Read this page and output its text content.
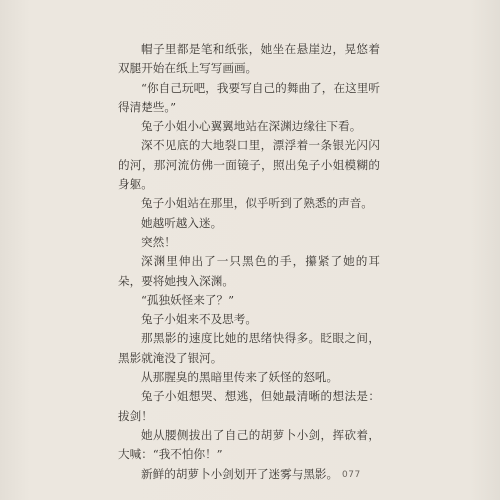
帽子里都是笔和纸张，她坐在悬崖边，晃悠着双腿开始在纸上写写画画。

“你自己玩吧，我要写自己的舞曲了，在这里听得清楚些。”

兔子小姐小心翼翼地站在深渊边缘往下看。

深不见底的大地裂口里，漂浮着一条银光闪闪的河，那河流仿佛一面镜子，照出兔子小姐模糊的身躯。

兔子小姐站在那里，似乎听到了熟悉的声音。

她越听越入迷。

突然！

深渊里伸出了一只黑色的手，攥紧了她的耳朵，要将她拽入深渊。

“孤独妖怪来了？”

兔子小姐来不及思考。

那黑影的速度比她的思绪快得多。眨眼之间，黑影就淹没了银河。

从那腥臭的黑暗里传来了妖怪的怒吼。

兔子小姐想哭、想逃，但她最清晰的想法是：拔剑！

她从腰侧拔出了自己的胡萝卜小剑，挥砍着，大喊：“我不怕你！”

新鲜的胡萝卜小剑划开了迷雾与黑影。 077
